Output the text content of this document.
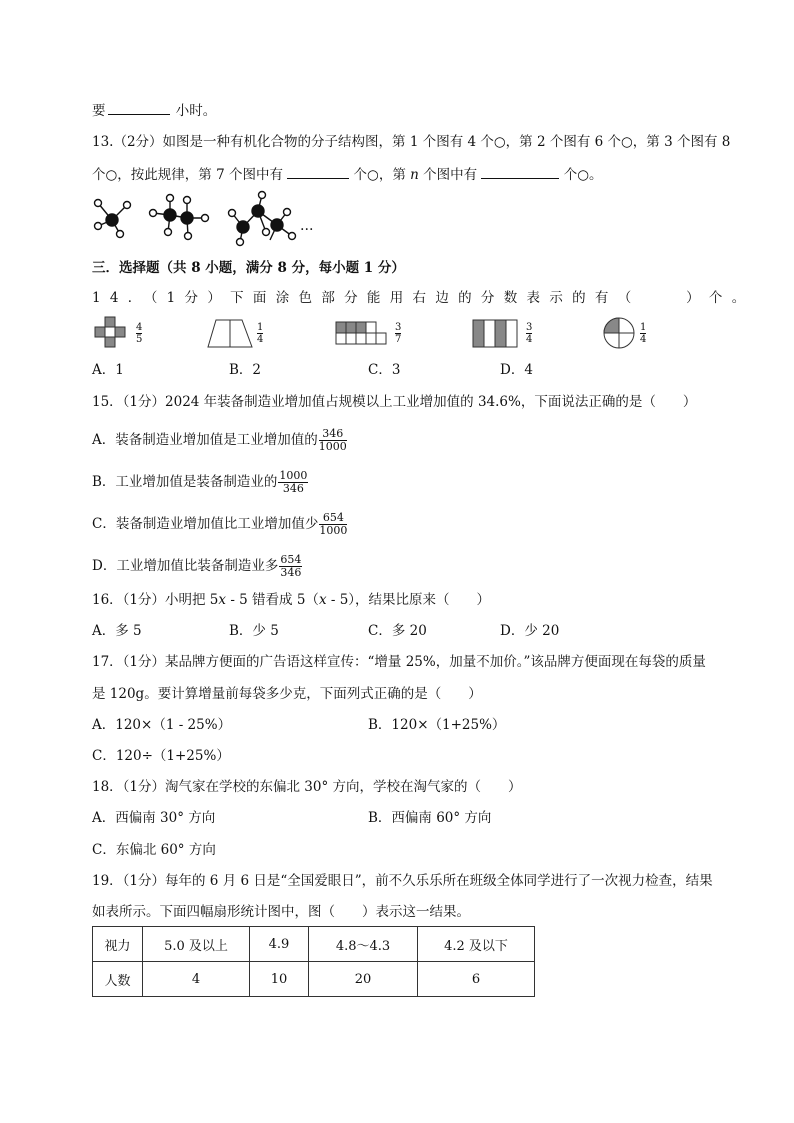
要	小时。
13.（2分）如图是一种有机化合物的分子结构图，第 1 个图有 4 个○，第 2 个图有 6 个○，第 3 个图有 8
个○，按此规律，第 7 个图中有	个○，第 n 个图中有	个○。
…
三．选择题（共 8 小题，满分 8 分，每小题 1 分）
14．（1分）下面涂色部分能用右边的分数表示的有（　　）个。
$\frac{4}{5}$	$\frac{1}{4}$	$\frac{3}{7}$	$\frac{3}{4}$	$\frac{1}{4}$
A．1	B．2	C．3	D．4
15．（1分）2024 年装备制造业增加值占规模以上工业增加值的 34.6%，下面说法正确的是（　　）
A．装备制造业增加值是工业增加值的 $\frac{346}{1000}$
B．工业增加值是装备制造业的 $\frac{1000}{346}$
C．装备制造业增加值比工业增加值少 $\frac{654}{1000}$
D．工业增加值比装备制造业多 $\frac{654}{346}$
16．（1分）小明把 5x - 5 错看成 5（x - 5），结果比原来（　　）
A．多 5	B．少 5	C．多 20	D．少 20
17．（1分）某品牌方便面的广告语这样宣传：“增量 25%，加量不加价。”该品牌方便面现在每袋的质量
是 120g。要计算增量前每袋多少克，下面列式正确的是（　　）
A．120×（1 - 25%）	B．120×（1+25%）
C．120÷（1+25%）
18．（1分）淘气家在学校的东偏北 30° 方向，学校在淘气家的（　　）
A．西偏南 30° 方向	B．西偏南 60° 方向
C．东偏北 60° 方向
19．（1分）每年的 6 月 6 日是“全国爱眼日”，前不久乐乐所在班级全体同学进行了一次视力检查，结果
如表所示。下面四幅扇形统计图中，图（　　）表示这一结果。
视力	5.0 及以上	4.9	4.8～4.3	4.2 及以下
人数	4	10	20	6
